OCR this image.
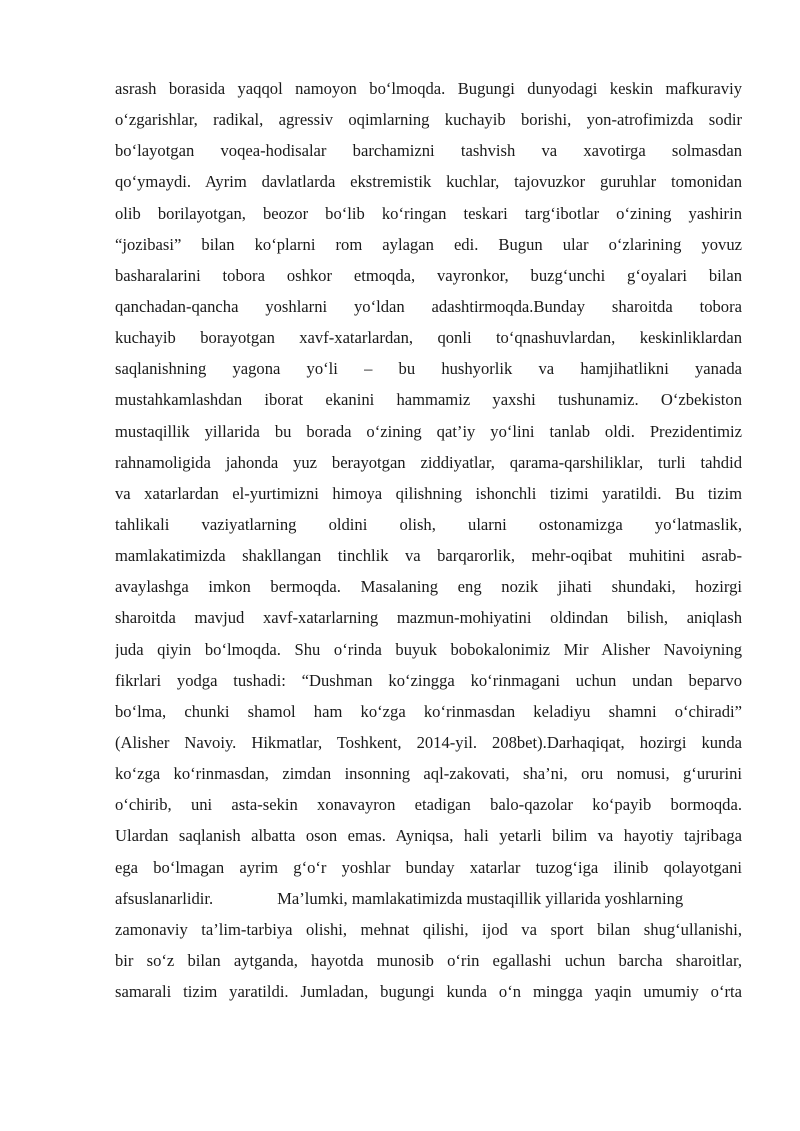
asrash borasida yaqqol namoyon bo‘lmoqda. Bugungi dunyodagi keskin mafkuraviy
o‘zgarishlar, radikal, agressiv oqimlarning kuchayib borishi, yon-atrofimizda sodir
bo‘layotgan voqea-hodisalar barchamizni tashvish va xavotirga solmasdan
qo‘ymaydi. Ayrim davlatlarda ekstremistik kuchlar, tajovuzkor guruhlar tomonidan
olib borilayotgan, beozor bo‘lib ko‘ringan teskari targ‘ibotlar o‘zining yashirin
“jozibasi” bilan ko‘plarni rom aylagan edi. Bugun ular o‘zlarining yovuz
basharalarini tobora oshkor etmoqda, vayronkor, buzg‘unchi g‘oyalari bilan
qanchadan-qancha yoshlarni yo‘ldan adashtirmoqda.Bunday sharoitda tobora
kuchayib borayotgan xavf-xatarlardan, qonli to‘qnashuvlardan, keskinliklardan
saqlanishning yagona yo‘li – bu hushyorlik va hamjihatlikni yanada
mustahkamlashdan iborat ekanini hammamiz yaxshi tushunamiz. O‘zbekiston
mustaqillik yillarida bu borada o‘zining qat’iy yo‘lini tanlab oldi. Prezidentimiz
rahnamoligida jahonda yuz berayotgan ziddiyatlar, qarama-qarshiliklar, turli tahdid
va xatarlardan el-yurtimizni himoya qilishning ishonchli tizimi yaratildi. Bu tizim
tahlikali vaziyatlarning oldini olish, ularni ostonamizga yo‘latmaslik,
mamlakatimizda shakllangan tinchlik va barqarorlik, mehr-oqibat muhitini asrab-
avaylashga imkon bermoqda. Masalaning eng nozik jihati shundaki, hozirgi
sharoitda mavjud xavf-xatarlarning mazmun-mohiyatini oldindan bilish, aniqlash
juda qiyin bo‘lmoqda. Shu o‘rinda buyuk bobokalonimiz Mir Alisher Navoiyning
fikrlari yodga tushadi: “Dushman ko‘zingga ko‘rinmagani uchun undan beparvo
bo‘lma, chunki shamol ham ko‘zga ko‘rinmasdan keladiyu shamni o‘chiradi”
(Alisher Navoiy. Hikmatlar, Toshkent, 2014-yil. 208bet).Darhaqiqat, hozirgi kunda
ko‘zga ko‘rinmasdan, zimdan insonning aql-zakovati, sha’ni, oru nomusi, g‘ururini
o‘chirib, uni asta-sekin xonavayron etadigan balo-qazolar ko‘payib bormoqda.
Ulardan saqlanish albatta oson emas. Ayniqsa, hali yetarli bilim va hayotiy tajribaga
ega bo‘lmagan ayrim g‘o‘r yoshlar bunday xatarlar tuzog‘iga ilinib qolayotgani
afsuslanarlidir.	Ma’lumki, mamlakatimizda mustaqillik yillarida yoshlarning
zamonaviy ta’lim-tarbiya olishi, mehnat qilishi, ijod va sport bilan shug‘ullanishi,
bir so‘z bilan aytganda, hayotda munosib o‘rin egallashi uchun barcha sharoitlar,
samarali tizim yaratildi. Jumladan, bugungi kunda o‘n mingga yaqin umumiy o‘rta
